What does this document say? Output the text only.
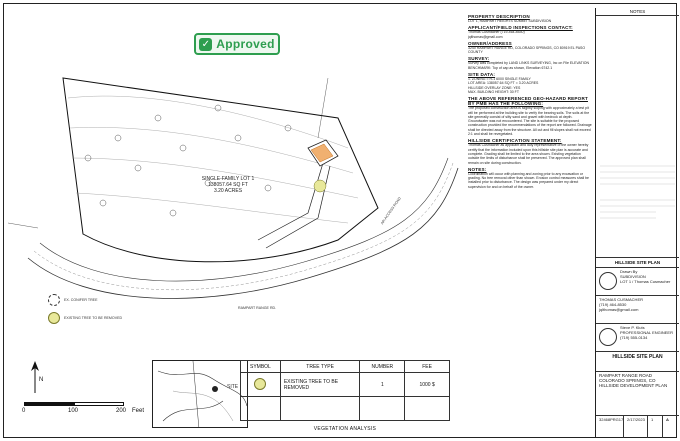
✓ Approved
SINGLE-FAMILY LOT 1
138057.64 SQ FT
3.20 ACRES
RAMPART RANGE RD.
AR-ACCESS ROAD
EX. CONIFER TREE
EXISTING TREE TO BE REMOVED
N
0	100	200 Feet
SITE
SYMBOL	TREE TYPE	NUMBER	FEE
	EXISTING TREE TO BE REMOVED	1	1000 $

VEGETATION ANALYSIS
PROPERTY DESCRIPTION
LOT 1, RAMPART HEIGHTS SUMMIT SUBDIVISION
APPLICANT/FIELD INSPECTIONS CONTACT:
Thomas Cusmacher (719-464-8530)
jqlthomas@gmail.com
OWNER/ADDRESS
3240 RAMPART RANGE RD, COLORADO SPRINGS, CO 80919 EL PASO COUNTY
SURVEY:
Survey was completed by LAND LINKS SURVEYING, Inc on File ELEVATION BENCHMARK: Top of cap as shown, Elevation 6742.1
SITE DATA:
1. ZONING = R-1 6000 SINGLE FAMILY
LOT AREA: 138057.64 SQ FT = 3.20 ACRES
HILLSIDE OVERLAY ZONE: YES
MAX. BUILDING HEIGHT: 30 FT
THE ABOVE REFERENCED GEO-HAZARD REPORT BY PMB HAS THE FOLLOWING:
The proposed construction area is slightly sloping with approximately a test pit will be performed at the building site to verify the bearing soils. The soils at the site generally consist of silty sand and gravel with bedrock at depth. Groundwater was not encountered. The site is suitable for the proposed construction provided the recommendations of the report are followed. Drainage shall be directed away from the structure. All cut and fill slopes shall not exceed 2:1 and shall be revegetated.
HILLSIDE CERTIFICATION STATEMENT:
Thomas Cusmacher as applicant and duly representative of the owner hereby certify that the information included upon this hillside site plan is accurate and complete. Grading shall be limited to the area shown. Existing vegetation outside the limits of disturbance shall be preserved. The approved plan shall remain on site during construction.
NOTES:
Coordination will occur with planning and zoning prior to any excavation or grading. No tree removal other than shown. Erosion control measures shall be installed prior to disturbance. The design was prepared under my direct supervision for and on behalf of the owner.
NOTES
HILLSIDE SITE PLAN
Drawn By
SUBDIVISION
LOT 1 / Thomas Cusmacher
THOMAS CUSMACHER
(719) 464-8530
jqlthomas@gmail.com
Steve P. Kluts
PROFESSIONAL ENGINEER
(719) 555-0134
HILLSIDE SITE PLAN
RAMPART RANGE ROAD
COLORADO SPRINGS, CO
HILLSIDE DEVELOPMENT PLAN
32468PRG17 2/17/2023	1	A
